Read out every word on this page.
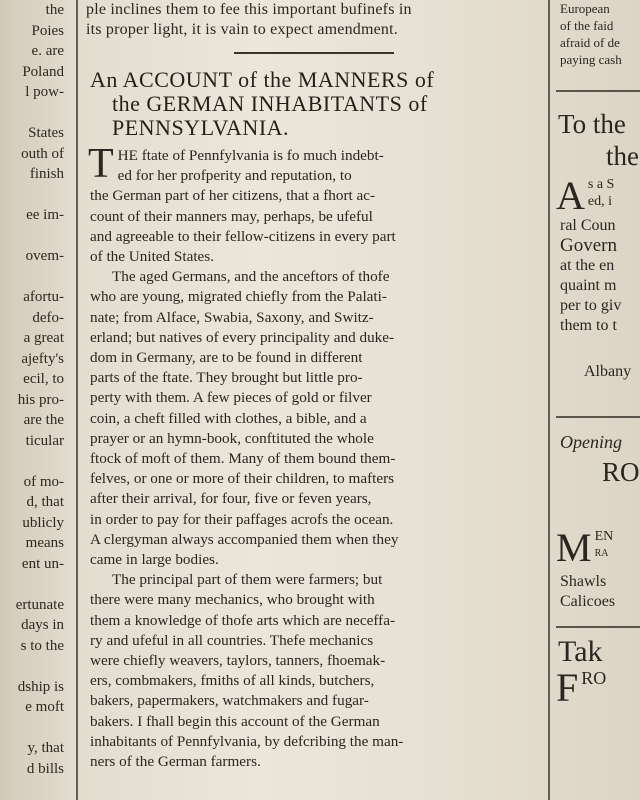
the
Poies
e. are
Poland
l pow-

States
outh of
finish

ee im-

ovem-

afortu-
defo-
a great
ajefty's
ecil, to
his pro-
are the
ticular

of mo-
d, that
ublicly
means
ent un-

ertunate
days in
s to the

dship is
e moft

y, that
d bills
ple inclines them to fee this important bufinefs in
its proper light, it is vain to expect amendment.
An ACCOUNT of the MANNERS of
the GERMAN INHABITANTS of
PENNSYLVANIA.
T HE ftate of Pennfylvania is fo much indebt-
ed for her profperity and reputation, to
the German part of her citizens, that a fhort ac-
count of their manners may, perhaps, be ufeful
and agreeable to their fellow-citizens in every part
of the United States.
The aged Germans, and the anceftors of thofe
who are young, migrated chiefly from the Palati-
nate; from Alface, Swabia, Saxony, and Switz-
erland; but natives of every principality and duke-
dom in Germany, are to be found in different
parts of the ftate. They brought but little pro-
perty with them. A few pieces of gold or filver
coin, a cheft filled with clothes, a bible, and a
prayer or an hymn-book, conftituted the whole
ftock of moft of them. Many of them bound them-
felves, or one or more of their children, to mafters
after their arrival, for four, five or feven years,
in order to pay for their paffages acrofs the ocean.
A clergyman always accompanied them when they
came in large bodies.
The principal part of them were farmers; but
there were many mechanics, who brought with
them a knowledge of thofe arts which are neceffa-
ry and ufeful in all countries. Thefe mechanics
were chiefly weavers, taylors, tanners, fhoemak-
ers, combmakers, fmiths of all kinds, butchers,
bakers, papermakers, watchmakers and fugar-
bakers. I fhall begin this account of the German
inhabitants of Pennfylvania, by defcribing the man-
ners of the German farmers.
European
of the faid
afraid of de
paying cash
To the
the
A s a S
ed, i
ral Coun
Govern
at the en
quaint m
per to giv
them to t
Albany
Opening
RO
M EN
RA
Shawls
Calicoes
Tak
F RO
